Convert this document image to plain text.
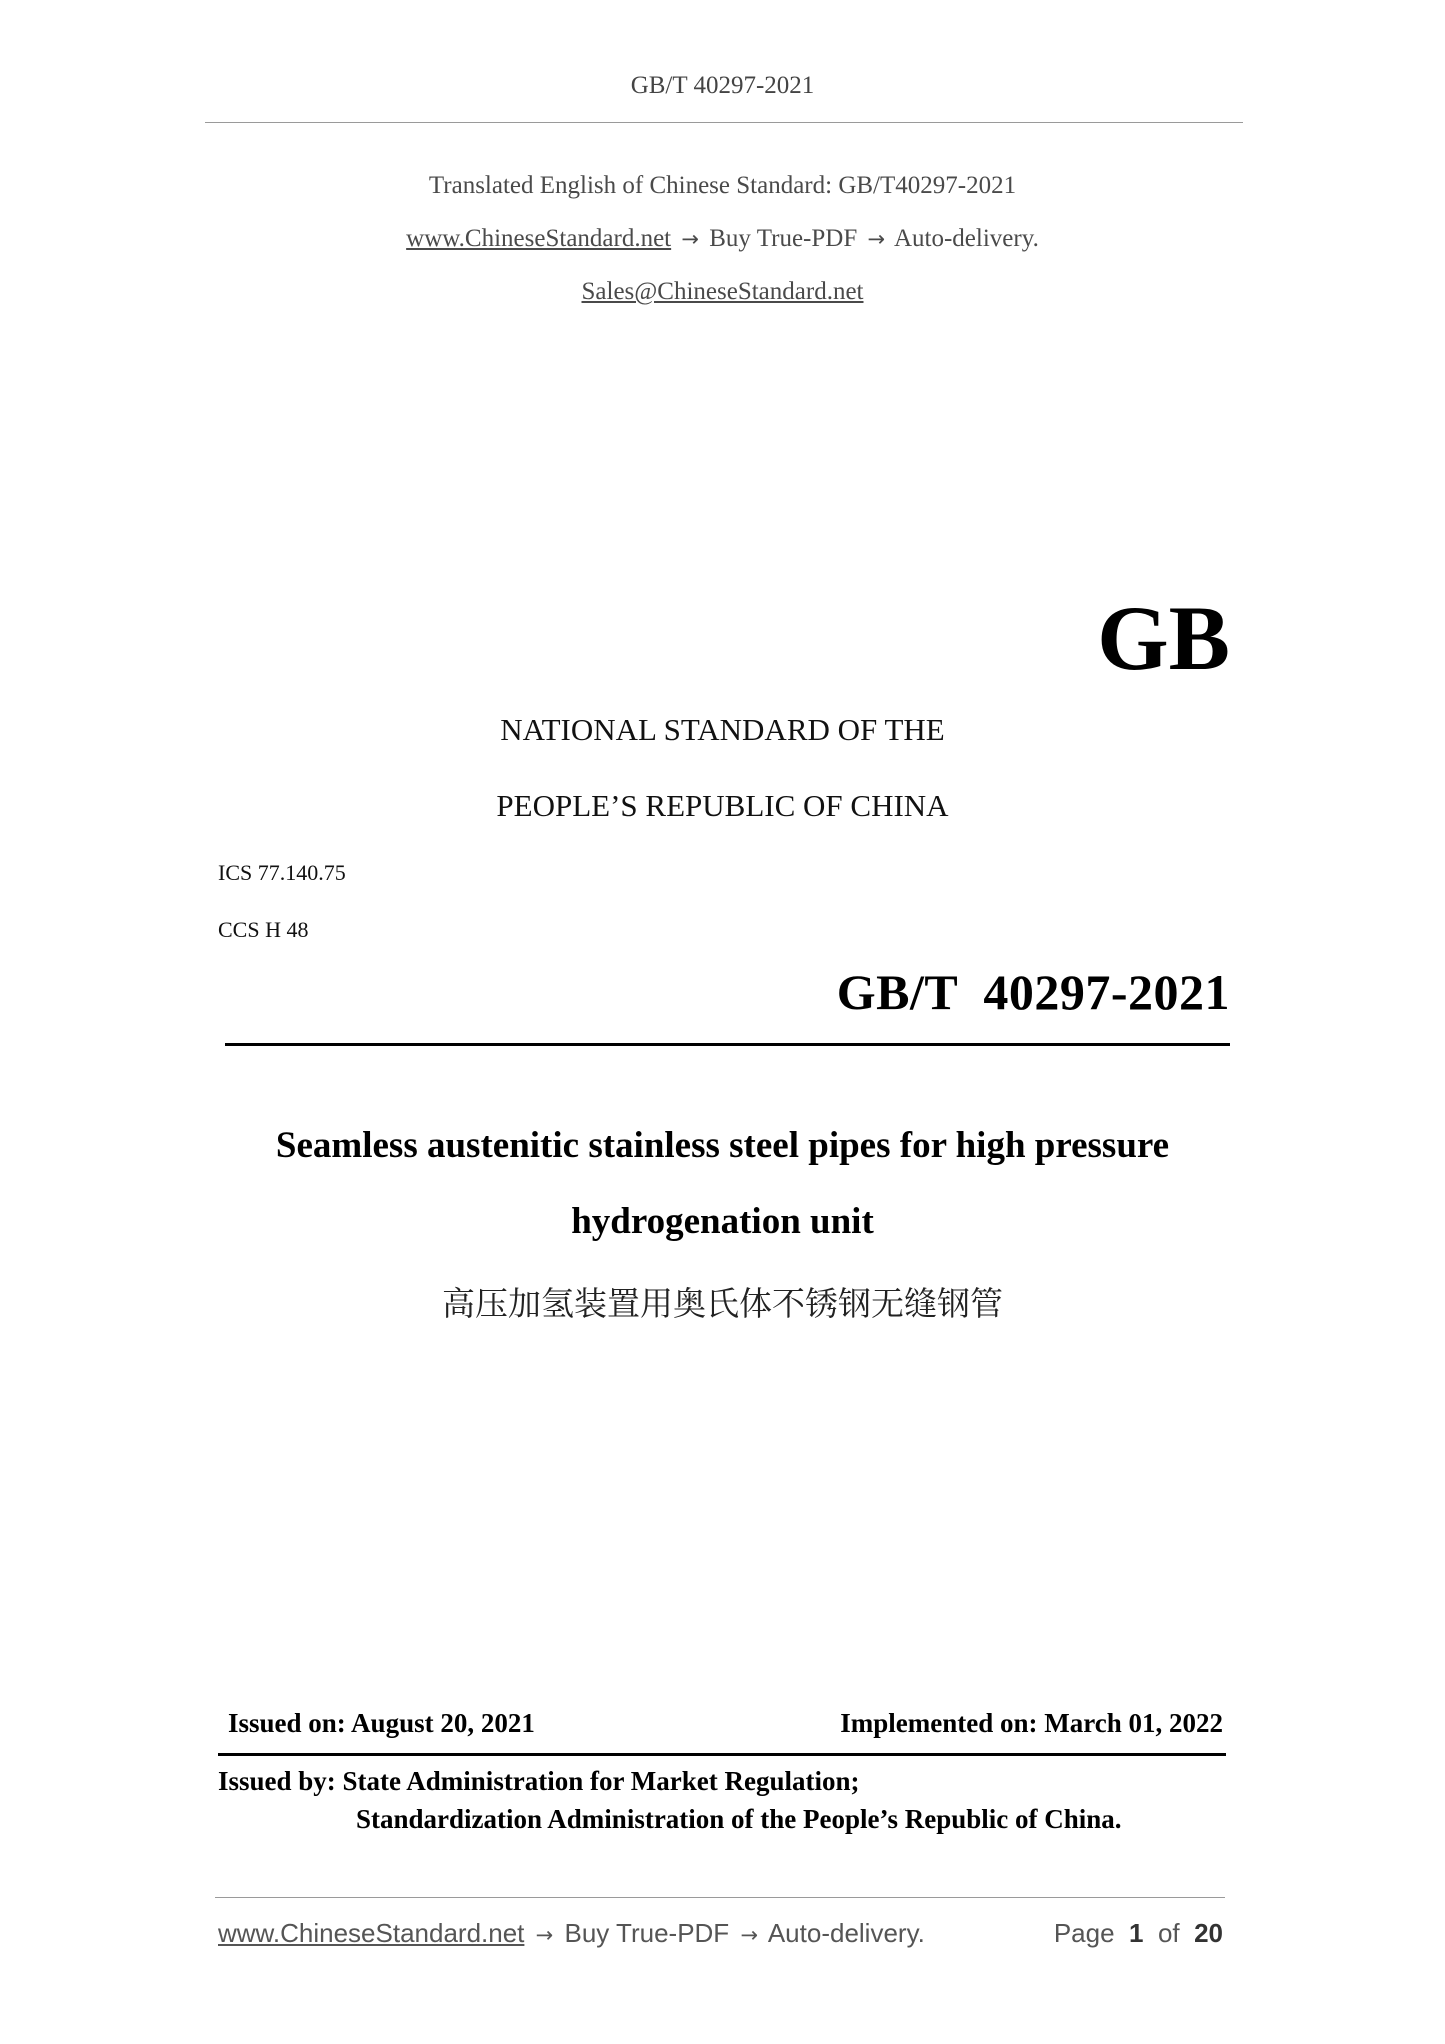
GB/T 40297-2021
Translated English of Chinese Standard: GB/T40297-2021
www.ChineseStandard.net → Buy True-PDF → Auto-delivery.
Sales@ChineseStandard.net
GB
NATIONAL STANDARD OF THE
PEOPLE’S REPUBLIC OF CHINA
ICS 77.140.75
CCS H 48
GB/T 40297-2021
Seamless austenitic stainless steel pipes for high pressure
hydrogenation unit
高压加氢装置用奥氏体不锈钢无缝钢管
Issued on: August 20, 2021	Implemented on: March 01, 2022
Issued by: State Administration for Market Regulation;
Standardization Administration of the People’s Republic of China.
www.ChineseStandard.net → Buy True-PDF → Auto-delivery.	Page 1 of 20
